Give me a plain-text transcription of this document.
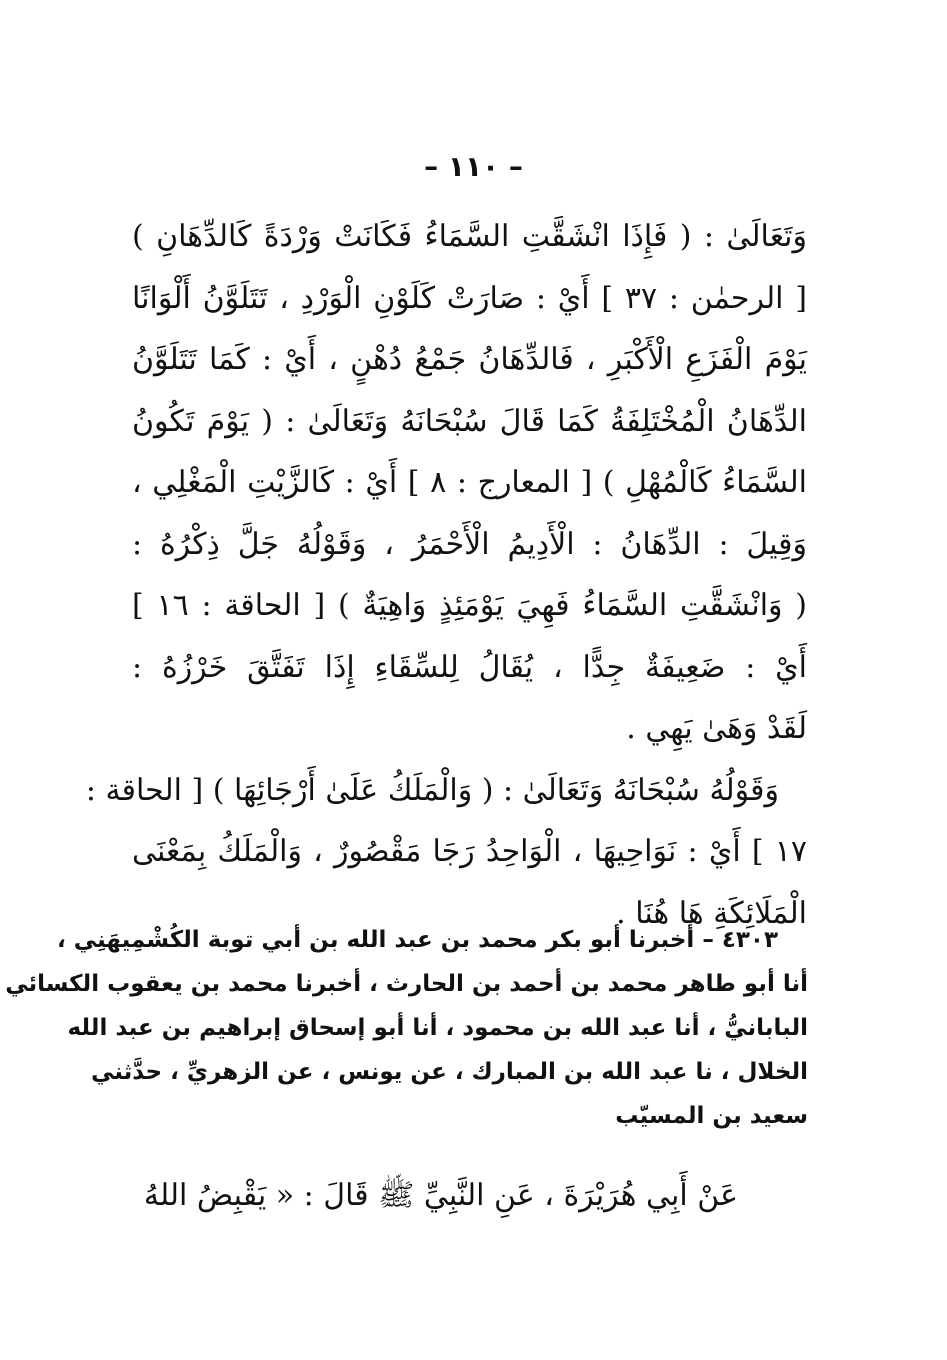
– ١١٠ –
وَتَعَالَىٰ : ( فَإِذَا انْشَقَّتِ السَّمَاءُ فَكَانَتْ وَرْدَةً كَالدِّهَانِ )
[ الرحمٰن : ٣٧ ] أَيْ : صَارَتْ كَلَوْنِ الْوَرْدِ ، تَتَلَوَّنُ أَلْوَانًا
يَوْمَ الْفَزَعِ الْأَكْبَرِ ، فَالدِّهَانُ جَمْعُ دُهْنٍ ، أَيْ : كَمَا تَتَلَوَّنُ
الدِّهَانُ الْمُخْتَلِفَةُ كَمَا قَالَ سُبْحَانَهُ وَتَعَالَىٰ : ( يَوْمَ تَكُونُ
السَّمَاءُ كَالْمُهْلِ ) [ المعارج : ٨ ] أَيْ : كَالزَّيْتِ الْمَغْلِي ،
وَقِيلَ : الدِّهَانُ : الْأَدِيمُ الْأَحْمَرُ ، وَقَوْلُهُ جَلَّ ذِكْرُهُ :
( وَانْشَقَّتِ السَّمَاءُ فَهِيَ يَوْمَئِذٍ وَاهِيَةٌ ) [ الحاقة : ١٦ ]
أَيْ : ضَعِيفَةٌ جِدًّا ، يُقَالُ لِلسِّقَاءِ إِذَا تَفَتَّقَ خَرْزُهُ :
لَقَدْ وَهَىٰ يَهِي .
وَقَوْلُهُ سُبْحَانَهُ وَتَعَالَىٰ : ( وَالْمَلَكُ عَلَىٰ أَرْجَائِهَا ) [ الحاقة :
١٧ ] أَيْ : نَوَاحِيهَا ، الْوَاحِدُ رَجَا مَقْصُورٌ ، وَالْمَلَكُ بِمَعْنَى
الْمَلَائِكَةِ هَا هُنَا .
٤٣٠٣ – أخبرنا أبو بكر محمد بن عبد الله بن أبي توبة الكُشْمِيهَنِي ،
أنا أبو طاهر محمد بن أحمد بن الحارث ، أخبرنا محمد بن يعقوب الكسائي
البابانيُّ ، أنا عبد الله بن محمود ، أنا أبو إسحاق إبراهيم بن عبد الله
الخلال ، نا عبد الله بن المبارك ، عن يونس ، عن الزهريِّ ، حدَّثني
سعيد بن المسيّب
عَنْ أَبِي هُرَيْرَةَ ، عَنِ النَّبِيِّ ﷺ قَالَ : « يَقْبِضُ اللهُ
